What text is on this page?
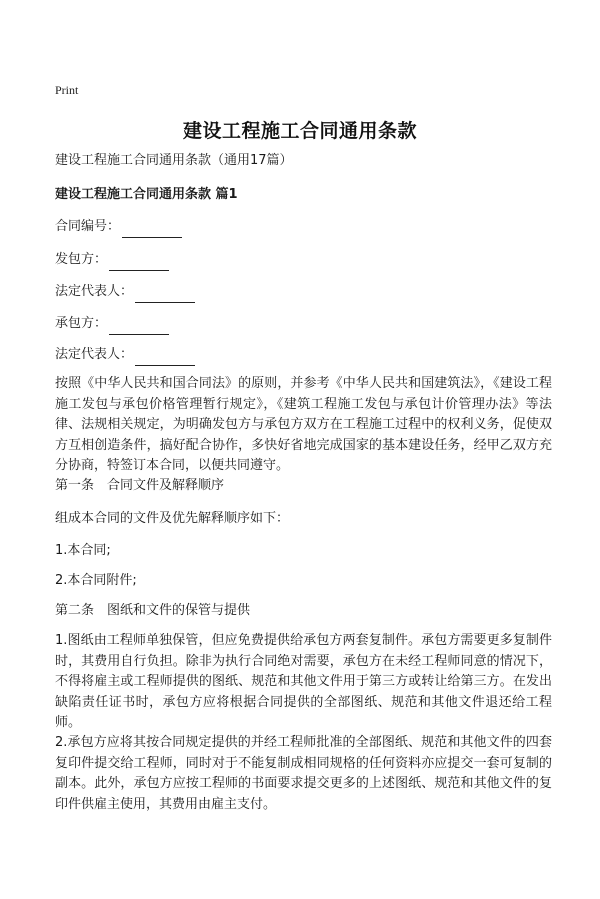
Print
建设工程施工合同通用条款
建设工程施工合同通用条款（通用17篇）
建设工程施工合同通用条款 篇1
合同编号：
发包方：
法定代表人：
承包方：
法定代表人：
按照《中华人民共和国合同法》的原则，并参考《中华人民共和国建筑法》，《建设工程施工发包与承包价格管理暂行规定》，《建筑工程施工发包与承包计价管理办法》等法律、法规相关规定，为明确发包方与承包方双方在工程施工过程中的权利义务，促使双方互相创造条件，搞好配合协作，多快好省地完成国家的基本建设任务，经甲乙双方充分协商，特签订本合同，以便共同遵守。
第一条　合同文件及解释顺序
组成本合同的文件及优先解释顺序如下：
1.本合同;
2.本合同附件;
第二条　图纸和文件的保管与提供
1.图纸由工程师单独保管，但应免费提供给承包方两套复制件。承包方需要更多复制件时，其费用自行负担。除非为执行合同绝对需要，承包方在未经工程师同意的情况下，不得将雇主或工程师提供的图纸、规范和其他文件用于第三方或转让给第三方。在发出缺陷责任证书时，承包方应将根据合同提供的全部图纸、规范和其他文件退还给工程师。
2.承包方应将其按合同规定提供的并经工程师批准的全部图纸、规范和其他文件的四套复印件提交给工程师，同时对于不能复制成相同规格的任何资料亦应提交一套可复制的副本。此外，承包方应按工程师的书面要求提交更多的上述图纸、规范和其他文件的复印件供雇主使用，其费用由雇主支付。
